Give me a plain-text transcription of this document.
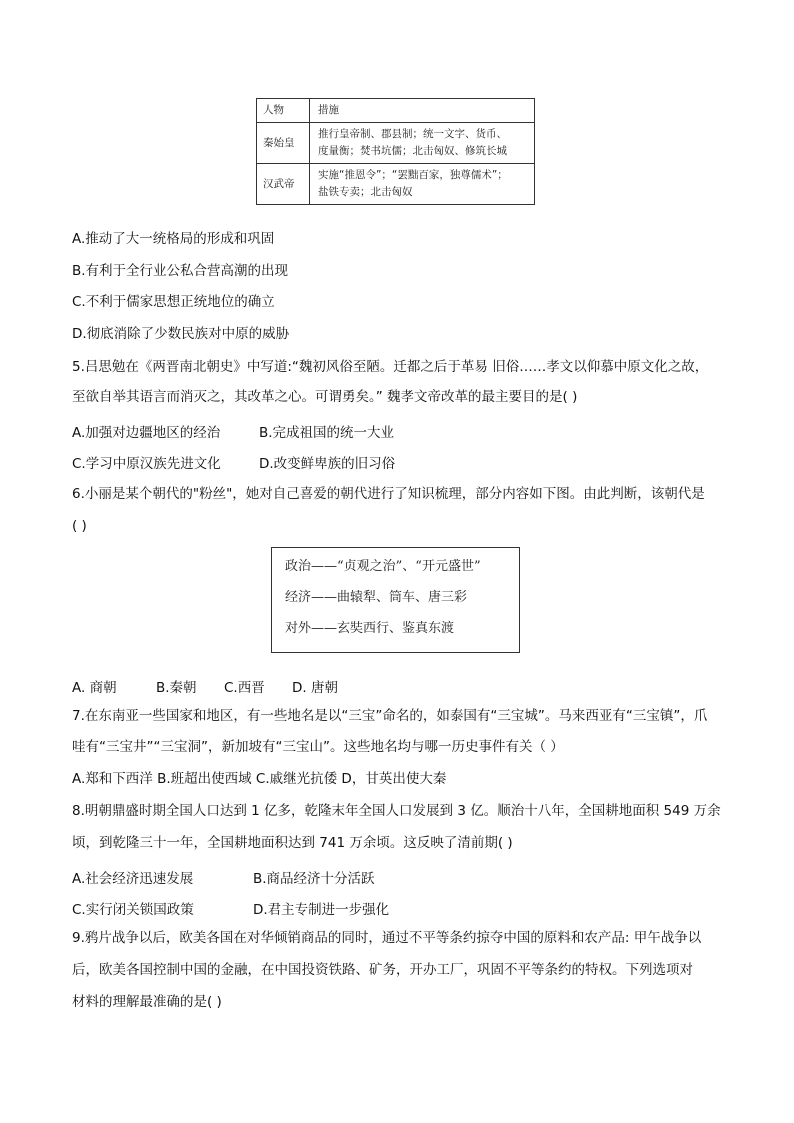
人物	措施
秦始皇	推行皇帝制、郡县制；统一文字、货币、
度量衡；焚书坑儒；北击匈奴、修筑长城

汉武帝	实施“推恩令”；“罢黜百家，独尊儒术”；
盐铁专卖；北击匈奴
A.推动了大一统格局的形成和巩固
B.有利于全行业公私合营高潮的出现
C.不利于儒家思想正统地位的确立
D.彻底消除了少数民族对中原的威胁
5.吕思勉在《两晋南北朝史》中写道:“魏初风俗至陋。迁都之后于革易 旧俗……孝文以仰慕中原文化之故，
至欲自举其语言而消灭之，其改革之心。可谓勇矣。” 魏孝文帝改革的最主要目的是( )
A.加强对边疆地区的经治	B.完成祖国的统一大业
C.学习中原汉族先进文化	D.改变鲜卑族的旧习俗
6.小丽是某个朝代的"粉丝"，她对自己喜爱的朝代进行了知识梳理，部分内容如下图。由此判断，该朝代是
( )
政治——“贞观之治”、“开元盛世”
经济——曲辕犁、筒车、唐三彩
对外——玄奘西行、鉴真东渡
A. 商朝	B.秦朝 C.西晋 D. 唐朝
7.在东南亚一些国家和地区，有一些地名是以“三宝”命名的，如泰国有“三宝城”。马来西亚有“三宝镇”，爪
哇有“三宝井”“三宝洞”，新加坡有“三宝山”。这些地名均与哪一历史事件有关（ ）
A.郑和下西洋 B.班超出使西域 C.戚继光抗倭 D，甘英出使大秦
8.明朝鼎盛时期全国人口达到 1 亿多，乾隆末年全国人口发展到 3 亿。顺治十八年，全国耕地面积 549 万余
顷，到乾隆三十一年，全国耕地面积达到 741 万余顷。这反映了清前期( )
A.社会经济迅速发展	B.商品经济十分活跃
C.实行闭关锁国政策	D.君主专制进一步强化
9.鸦片战争以后，欧美各国在对华倾销商品的同时，通过不平等条约掠夺中国的原料和农产品: 甲午战争以
后，欧美各国控制中国的金融，在中国投资铁路、矿务，开办工厂，巩固不平等条约的特权。下列选项对
材料的理解最准确的是( )
